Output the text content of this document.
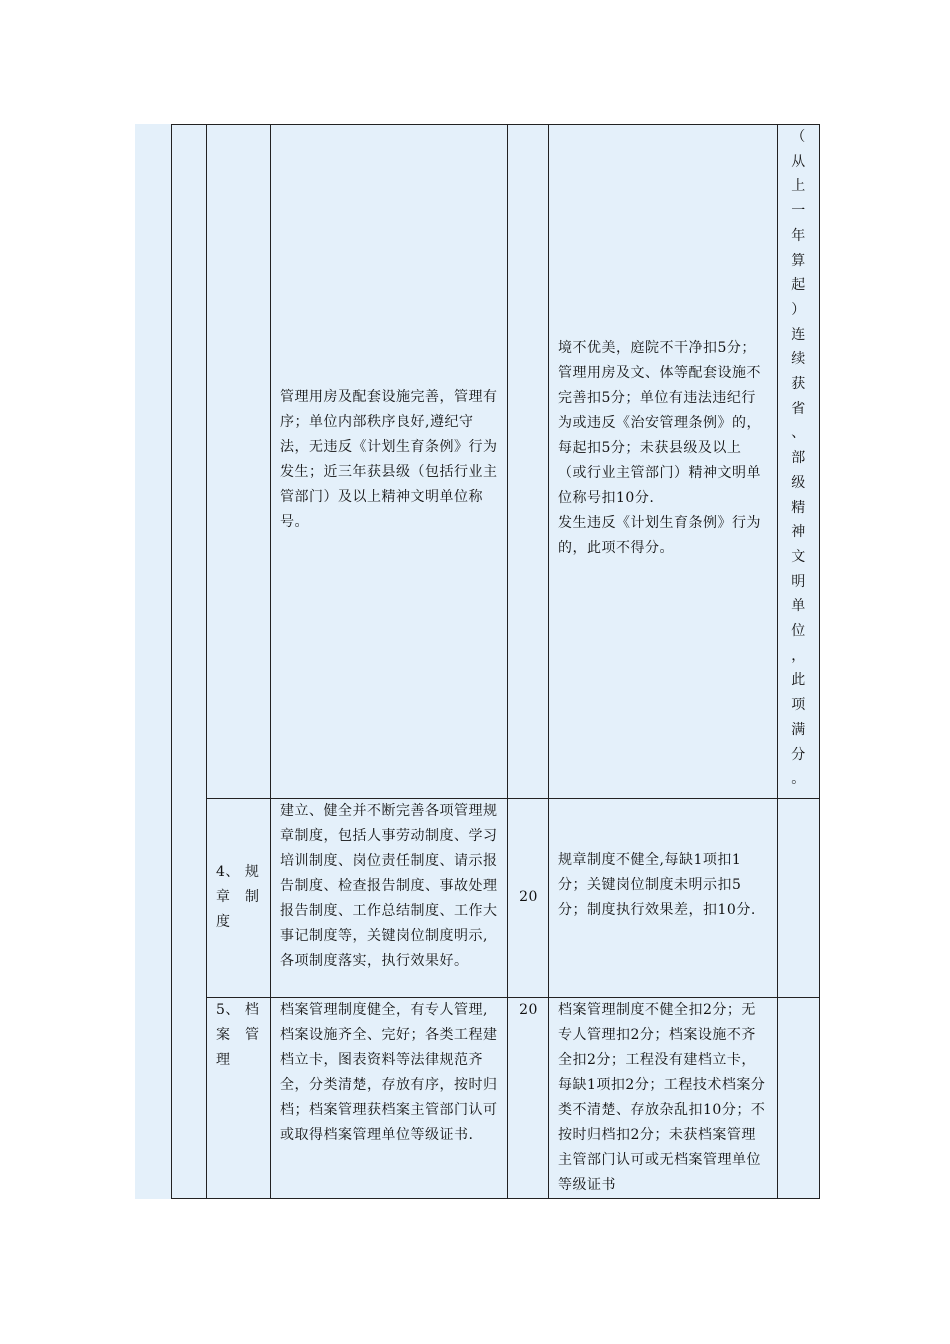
管理用房及配套设施完善，管理有序；单位内部秩序良好,遵纪守法，无违反《计划生育条例》行为发生；近三年获县级（包括行业主管部门）及以上精神文明单位称号。
境不优美，庭院不干净扣5分；管理用房及文、体等配套设施不完善扣5分；单位有违法违纪行为或违反《治安管理条例》的，每起扣5分；未获县级及以上（或行业主管部门）精神文明单位称号扣10分.
发生违反《计划生育条例》行为的，此项不得分。
（
从
上
一
年
算
起
）
连
续
获
省
、
部
级
精
神
文
明
单
位
，
此
项
满
分
。
4、 规
章　制
度
建立、健全并不断完善各项管理规章制度，包括人事劳动制度、学习培训制度、岗位责任制度、请示报告制度、检查报告制度、事故处理报告制度、工作总结制度、工作大事记制度等，关键岗位制度明示,各项制度落实，执行效果好。
20
规章制度不健全,每缺1项扣1分；关键岗位制度未明示扣5分；制度执行效果差，扣10分.
5、 档
案　管
理
档案管理制度健全，有专人管理,档案设施齐全、完好；各类工程建档立卡，图表资料等法律规范齐全，分类清楚，存放有序，按时归档；档案管理获档案主管部门认可或取得档案管理单位等级证书.
20	档案管理制度不健全扣2分；无专人管理扣2分；档案设施不齐全扣2分；工程没有建档立卡，每缺1项扣2分；工程技术档案分类不清楚、存放杂乱扣10分；不按时归档扣2分；未获档案管理主管部门认可或无档案管理单位等级证书
